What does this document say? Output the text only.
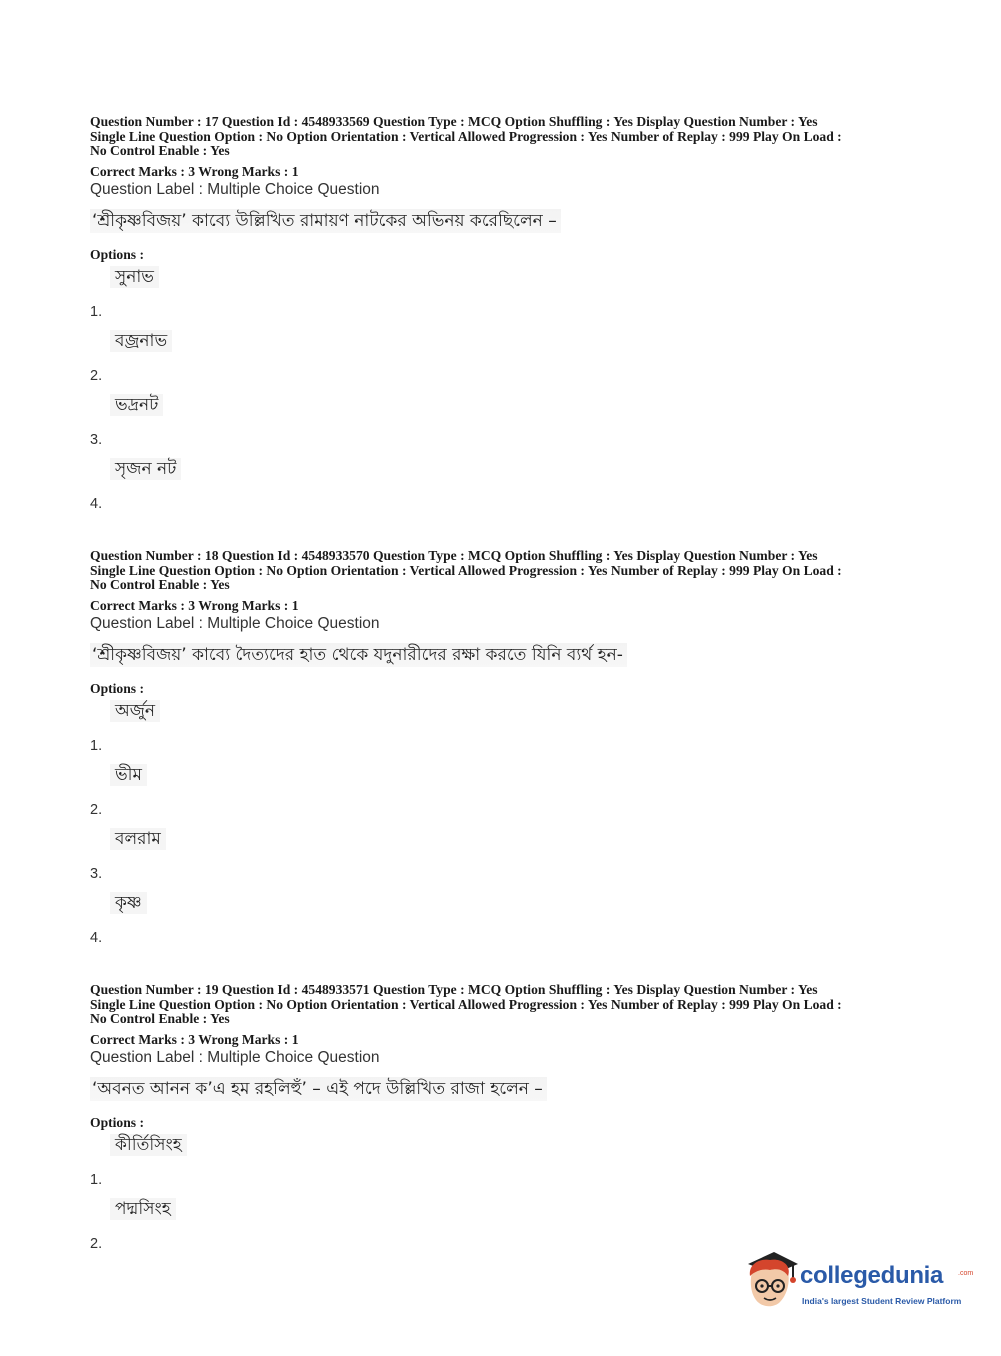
Question Number : 17 Question Id : 4548933569 Question Type : MCQ Option Shuffling : Yes Display Question Number : Yes

Single Line Question Option : No Option Orientation : Vertical Allowed Progression : Yes Number of Replay : 999 Play On Load :

No Control Enable : Yes

Correct Marks : 3 Wrong Marks : 1
Question Label : Multiple Choice Question
‘শ্রীকৃষ্ণবিজয়’ কাব্যে উল্লিখিত রামায়ণ নাটকের অভিনয় করেছিলেন –
Options :
1.
সুনাভ
2.
বজ্রনাভ
3.
ভদ্রনট
4.
সৃজন নট

Question Number : 18 Question Id : 4548933570 Question Type : MCQ Option Shuffling : Yes Display Question Number : Yes

Single Line Question Option : No Option Orientation : Vertical Allowed Progression : Yes Number of Replay : 999 Play On Load :

No Control Enable : Yes

Correct Marks : 3 Wrong Marks : 1
Question Label : Multiple Choice Question
‘শ্রীকৃষ্ণবিজয়’ কাব্যে দৈত্যদের হাত থেকে যদুনারীদের রক্ষা করতে যিনি ব্যর্থ হন-
Options :
1.
অর্জুন
2.
ভীম
3.
বলরাম
4.
কৃষ্ণ

Question Number : 19 Question Id : 4548933571 Question Type : MCQ Option Shuffling : Yes Display Question Number : Yes

Single Line Question Option : No Option Orientation : Vertical Allowed Progression : Yes Number of Replay : 999 Play On Load :

No Control Enable : Yes

Correct Marks : 3 Wrong Marks : 1
Question Label : Multiple Choice Question
‘অবনত আনন ক’এ হম রহলিহুঁ’ – এই পদে উল্লিখিত রাজা হলেন –
Options :
1.
কীর্তিসিংহ
2.
পদ্মসিংহ
collegedunia .com
India's largest Student Review Platform
